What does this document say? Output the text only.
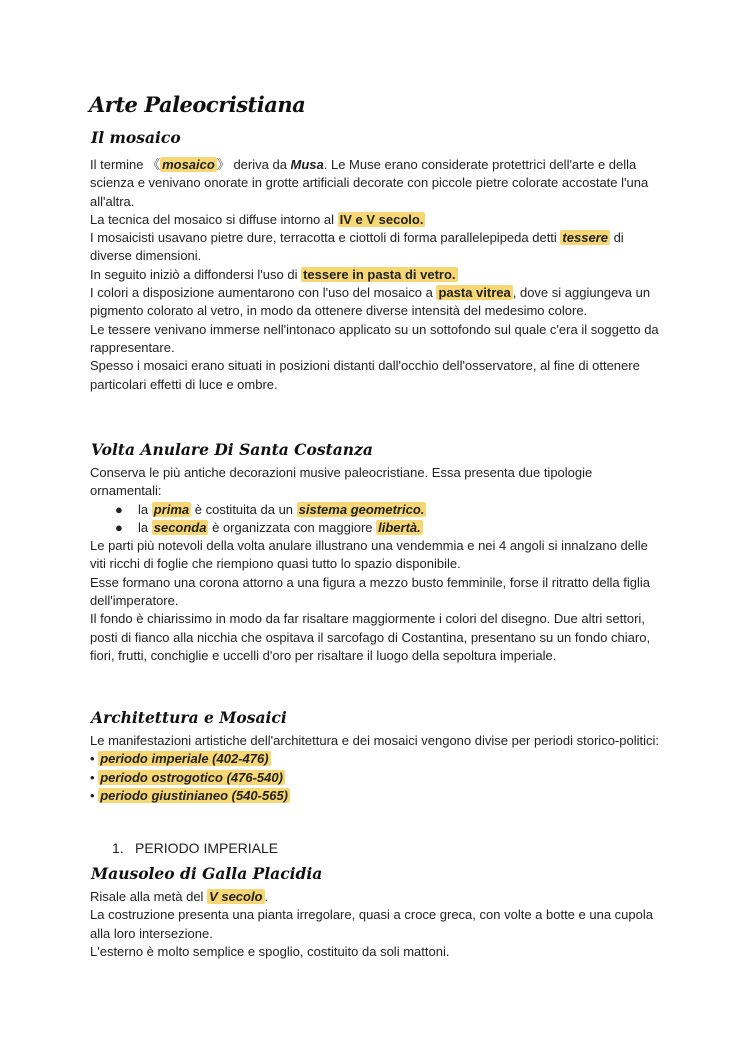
Arte Paleocristiana
Il mosaico

Il termine 《 mosaico 》 deriva da Musa. Le Muse erano considerate protettrici dell'arte e della scienza e venivano onorate in grotte artificiali decorate con piccole pietre colorate accostate l'una all'altra.

La tecnica del mosaico si diffuse intorno al IV e V secolo.

I mosaicisti usavano pietre dure, terracotta e ciottoli di forma parallelepipeda detti tessere di diverse dimensioni.

In seguito iniziò a diffondersi l'uso di tessere in pasta di vetro.

I colori a disposizione aumentarono con l'uso del mosaico a pasta vitrea , dove si aggiungeva un pigmento colorato al vetro, in modo da ottenere diverse intensità del medesimo colore.

Le tessere venivano immerse nell'intonaco applicato su un sottofondo sul quale c'era il soggetto da rappresentare.

Spesso i mosaici erano situati in posizioni distanti dall'occhio dell'osservatore, al fine di ottenere particolari effetti di luce e ombre.

Volta Anulare Di Santa Costanza

Conserva le più antiche decorazioni musive paleocristiane. Essa presenta due tipologie ornamentali:

● la prima è costituita da un sistema geometrico.
● la seconda è organizzata con maggiore libertà.

Le parti più notevoli della volta anulare illustrano una vendemmia e nei 4 angoli si innalzano delle viti ricchi di foglie che riempiono quasi tutto lo spazio disponibile.

Esse formano una corona attorno a una figura a mezzo busto femminile, forse il ritratto della figlia dell'imperatore.

Il fondo è chiarissimo in modo da far risaltare maggiormente i colori del disegno. Due altri settori, posti di fianco alla nicchia che ospitava il sarcofago di Costantina, presentano su un fondo chiaro, fiori, frutti, conchiglie e uccelli d'oro per risaltare il luogo della sepoltura imperiale.

Architettura e Mosaici

Le manifestazioni artistiche dell'architettura e dei mosaici vengono divise per periodi storico-politici:

• periodo imperiale (402-476)
• periodo ostrogotico (476-540)
• periodo giustinianeo (540-565)
1. PERIODO IMPERIALE
Mausoleo di Galla Placidia

Risale alla metà del V secolo .

La costruzione presenta una pianta irregolare, quasi a croce greca, con volte a botte e una cupola alla loro intersezione.

L'esterno è molto semplice e spoglio, costituito da soli mattoni.
